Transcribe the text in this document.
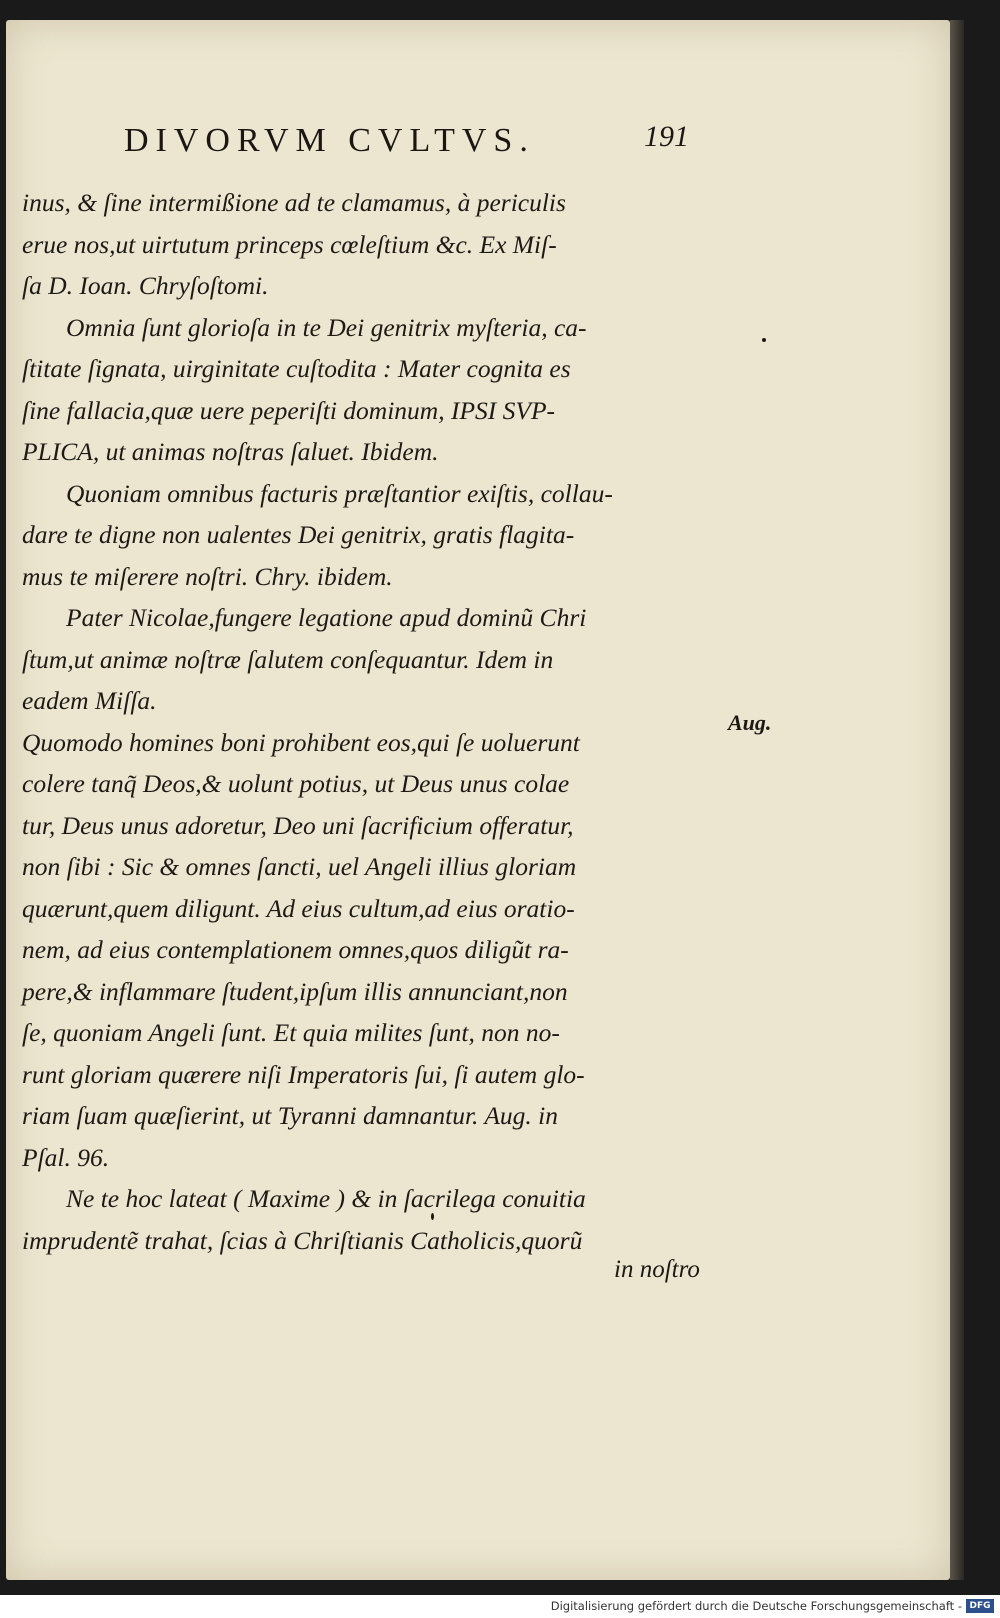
DIVORVM CVLTVS.	191
inus, & ſine intermißione ad te clamamus, à periculis
erue nos,ut uirtutum princeps cœleſtium &c. Ex Miſ-
ſa D. Ioan. Chryſoſtomi.
Omnia ſunt glorioſa in te Dei genitrix myſteria, ca-
ſtitate ſignata, uirginitate cuſtodita : Mater cognita es
ſine fallacia,quæ uere peperiſti dominum, IPSI SVP-
PLICA, ut animas noſtras ſaluet. Ibidem.
Quoniam omnibus facturis præſtantior exiſtis, collau-
dare te digne non ualentes Dei genitrix, gratis flagita-
mus te miſerere noſtri. Chry. ibidem.
Pater Nicolae,fungere legatione apud dominũ Chri
ſtum,ut animæ noſtræ ſalutem conſequantur. Idem in
eadem Miſſa.
Quomodo homines boni prohibent eos,qui ſe uoluerunt
colere tanq̃ Deos,& uolunt potius, ut Deus unus colae
tur, Deus unus adoretur, Deo uni ſacrificium offeratur,
non ſibi : Sic & omnes ſancti, uel Angeli illius gloriam
quærunt,quem diligunt. Ad eius cultum,ad eius oratio-
nem, ad eius contemplationem omnes,quos diligũt ra-
pere,& inflammare ſtudent,ipſum illis annunciant,non
ſe, quoniam Angeli ſunt. Et quia milites ſunt, non no-
runt gloriam quærere niſi Imperatoris ſui, ſi autem glo-
riam ſuam quæſierint, ut Tyranni damnantur. Aug. in
Pſal. 96.
Ne te hoc lateat ( Maxime ) & in ſacrilega conuitia
imprudentẽ trahat, ſcias à Chriſtianis Catholicis,quorũ
in noſtro
Aug.
Digitalisierung gefördert durch die Deutsche Forschungsgemeinschaft - DFG
